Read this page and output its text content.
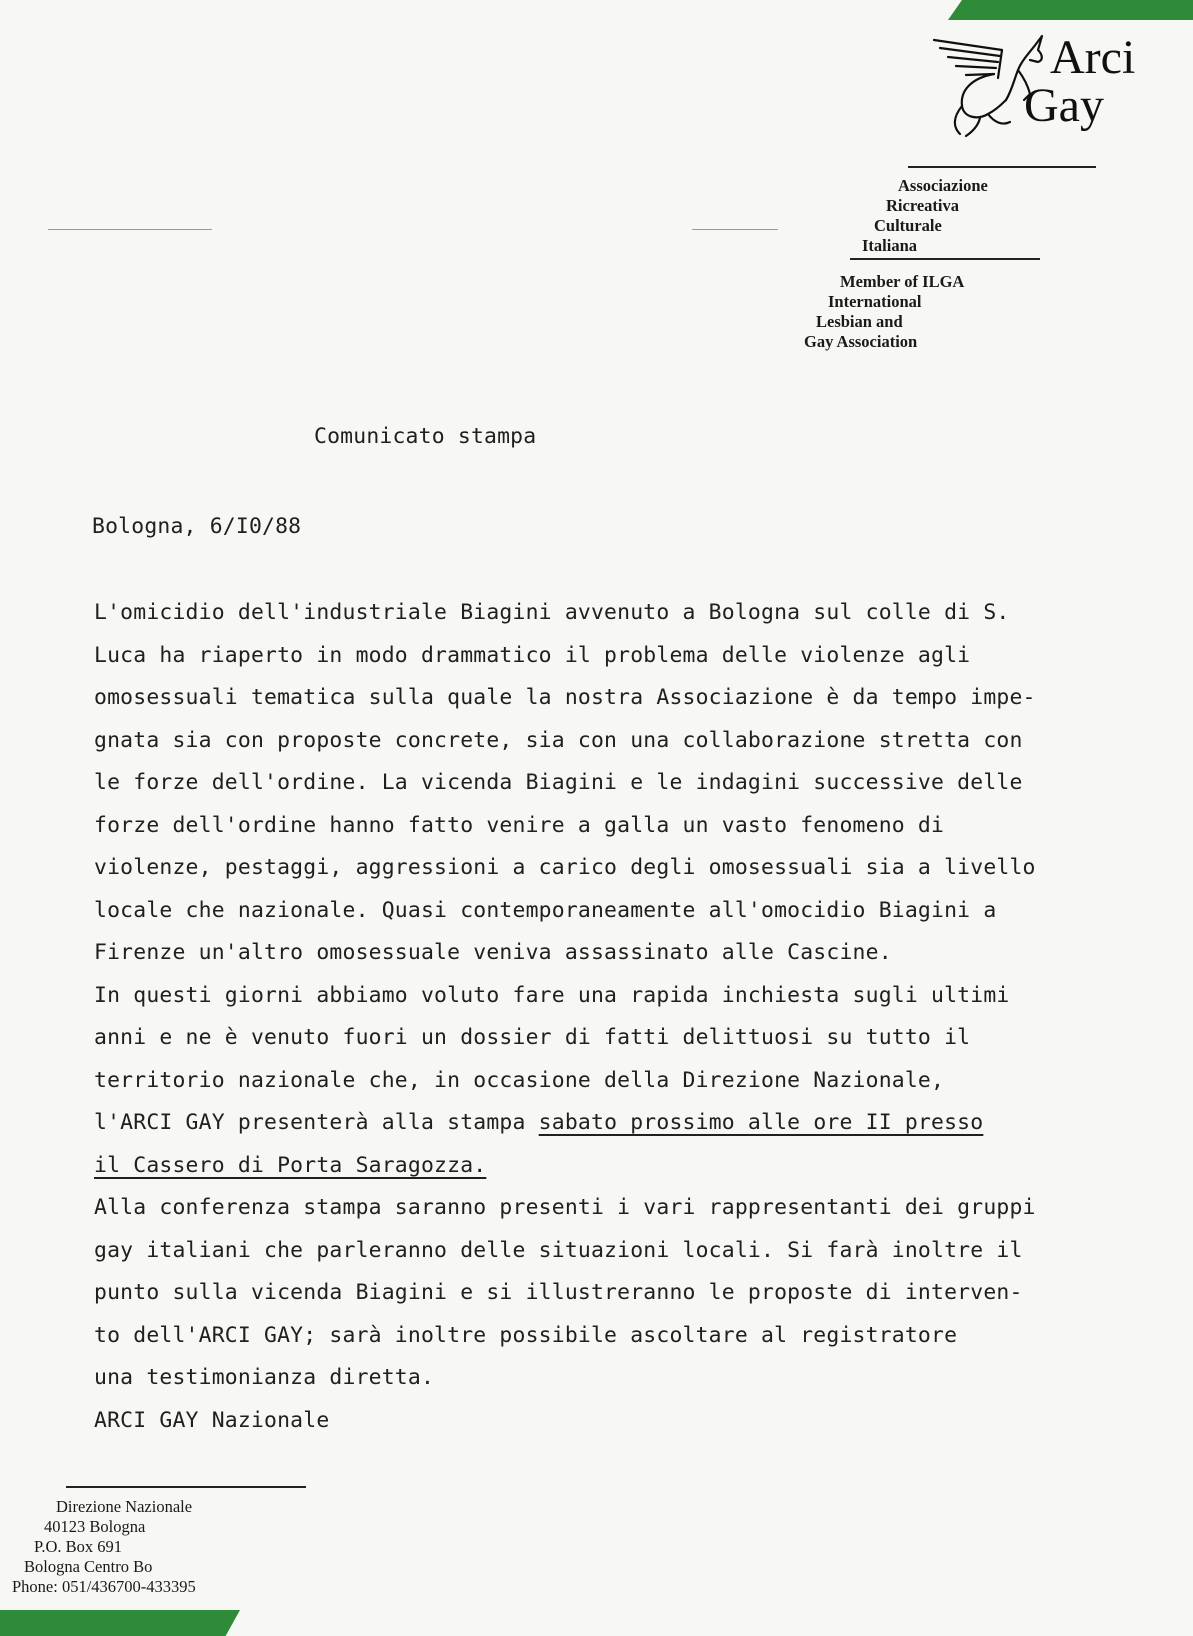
Arci
Gay
Associazione
Ricreativa
Culturale
Italiana
Member of ILGA
International
Lesbian and
Gay Association
Comunicato stampa
Bologna, 6/I0/88
L'omicidio dell'industriale Biagini avvenuto a Bologna sul colle di S.
Luca ha riaperto in modo drammatico il problema delle violenze agli
omosessuali tematica sulla quale la nostra Associazione è da tempo impe-
gnata sia con proposte concrete, sia con una collaborazione stretta con
le forze dell'ordine. La vicenda Biagini e le indagini successive delle
forze dell'ordine hanno fatto venire a galla un vasto fenomeno di
violenze, pestaggi, aggressioni a carico degli omosessuali sia a livello
locale che nazionale. Quasi contemporaneamente all'omocidio Biagini a
Firenze un'altro omosessuale veniva assassinato alle Cascine.
In questi giorni abbiamo voluto fare una rapida inchiesta sugli ultimi
anni e ne è venuto fuori un dossier di fatti delittuosi su tutto il
territorio nazionale che, in occasione della Direzione Nazionale,
l'ARCI GAY presenterà alla stampa sabato prossimo alle ore II presso
il Cassero di Porta Saragozza.
Alla conferenza stampa saranno presenti i vari rappresentanti dei gruppi
gay italiani che parleranno delle situazioni locali. Si farà inoltre il
punto sulla vicenda Biagini e si illustreranno le proposte di interven-
to dell'ARCI GAY; sarà inoltre possibile ascoltare al registratore
una testimonianza diretta.
ARCI GAY Nazionale
Direzione Nazionale
40123 Bologna
P.O. Box 691
Bologna Centro Bo
Phone: 051/436700-433395
